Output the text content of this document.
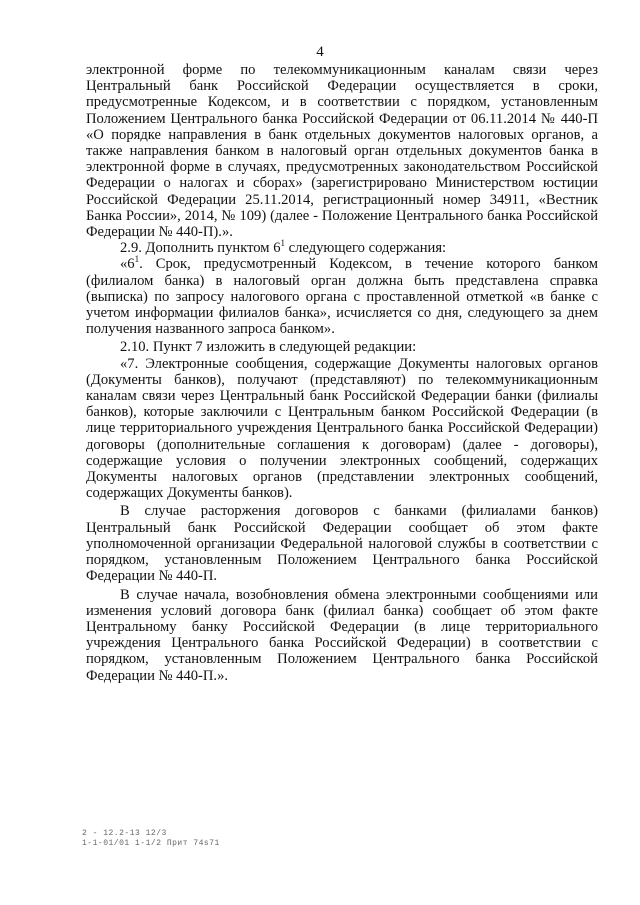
4

электронной форме по телекоммуникационным каналам связи через Центральный банк Российской Федерации осуществляется в сроки, предусмотренные Кодексом, и в соответствии с порядком, установленным Положением Центрального банка Российской Федерации от 06.11.2014 № 440-П «О порядке направления в банк отдельных документов налоговых органов, а также направления банком в налоговый орган отдельных документов банка в электронной форме в случаях, предусмотренных законодательством Российской Федерации о налогах и сборах» (зарегистрировано Министерством юстиции Российской Федерации 25.11.2014, регистрационный номер 34911, «Вестник Банка России», 2014, № 109) (далее - Положение Центрального банка Российской Федерации № 440-П).».

2.9. Дополнить пунктом $6^1$ следующего содержания:

«$6^1$. Срок, предусмотренный Кодексом, в течение которого банком (филиалом банка) в налоговый орган должна быть представлена справка (выписка) по запросу налогового органа с проставленной отметкой «в банке с учетом информации филиалов банка», исчисляется со дня, следующего за днем получения названного запроса банком».

2.10. Пункт 7 изложить в следующей редакции:

«7. Электронные сообщения, содержащие Документы налоговых органов (Документы банков), получают (представляют) по телекоммуникационным каналам связи через Центральный банк Российской Федерации банки (филиалы банков), которые заключили с Центральным банком Российской Федерации (в лице территориального учреждения Центрального банка Российской Федерации) договоры (дополнительные соглашения к договорам) (далее - договоры), содержащие условия о получении электронных сообщений, содержащих Документы налоговых органов (представлении электронных сообщений, содержащих Документы банков).

В случае расторжения договоров с банками (филиалами банков) Центральный банк Российской Федерации сообщает об этом факте уполномоченной организации Федеральной налоговой службы в соответствии с порядком, установленным Положением Центрального банка Российской Федерации № 440-П.

В случае начала, возобновления обмена электронными сообщениями или изменения условий договора банк (филиал банка) сообщает об этом факте Центральному банку Российской Федерации (в лице территориального учреждения Центрального банка Российской Федерации) в соответствии с порядком, установленным Положением Центрального банка Российской Федерации № 440-П.».

2 - 12.2-13 12/3
1-1-01/01 1-1/2 Прит 74s71
